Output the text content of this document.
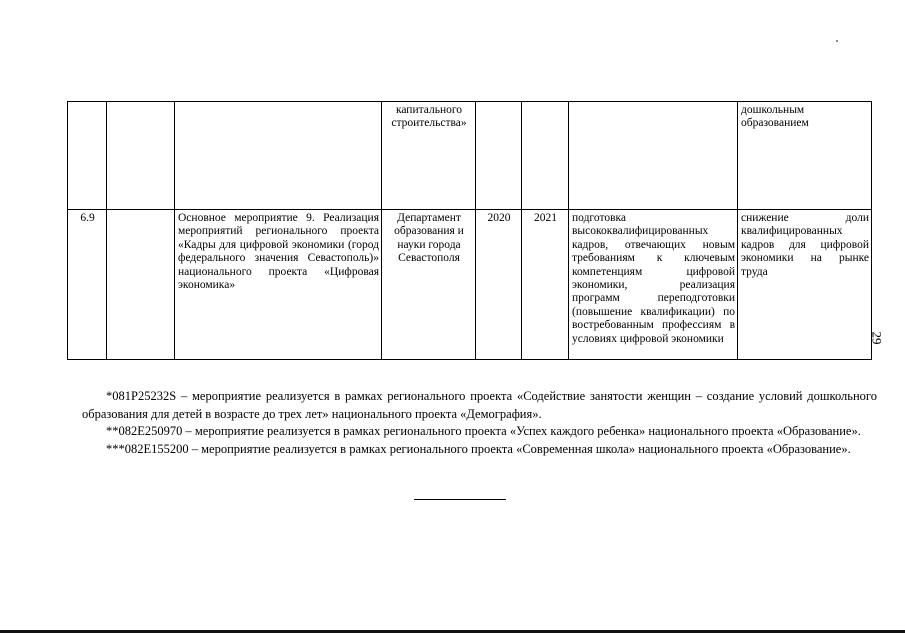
			капитального строительства»				дошкольным образованием
6.9		Основное мероприятие 9. Реализация мероприятий регионального проекта «Кадры для цифровой экономики (город федерального значения Севастополь)» национального проекта «Цифровая экономика»	Департамент образования и науки города Севастополя	2020	2021	подготовка высококвалифицированных кадров, отвечающих новым требованиям к ключевым компетенциям цифровой экономики, реализация программ переподготовки (повышение квалификации) по востребованным профессиям в условиях цифровой экономики	снижение доли квалифицированных кадров для цифровой экономики на рынке труда
29

*081P25232S – мероприятие реализуется в рамках регионального проекта «Содействие занятости женщин – создание условий дошкольного образования для детей в возрасте до трех лет» национального проекта «Демография».

**082E250970 – мероприятие реализуется в рамках регионального проекта «Успех каждого ребенка» национального проекта «Образование».

***082E155200 – мероприятие реализуется в рамках регионального проекта «Современная школа» национального проекта «Образование».
